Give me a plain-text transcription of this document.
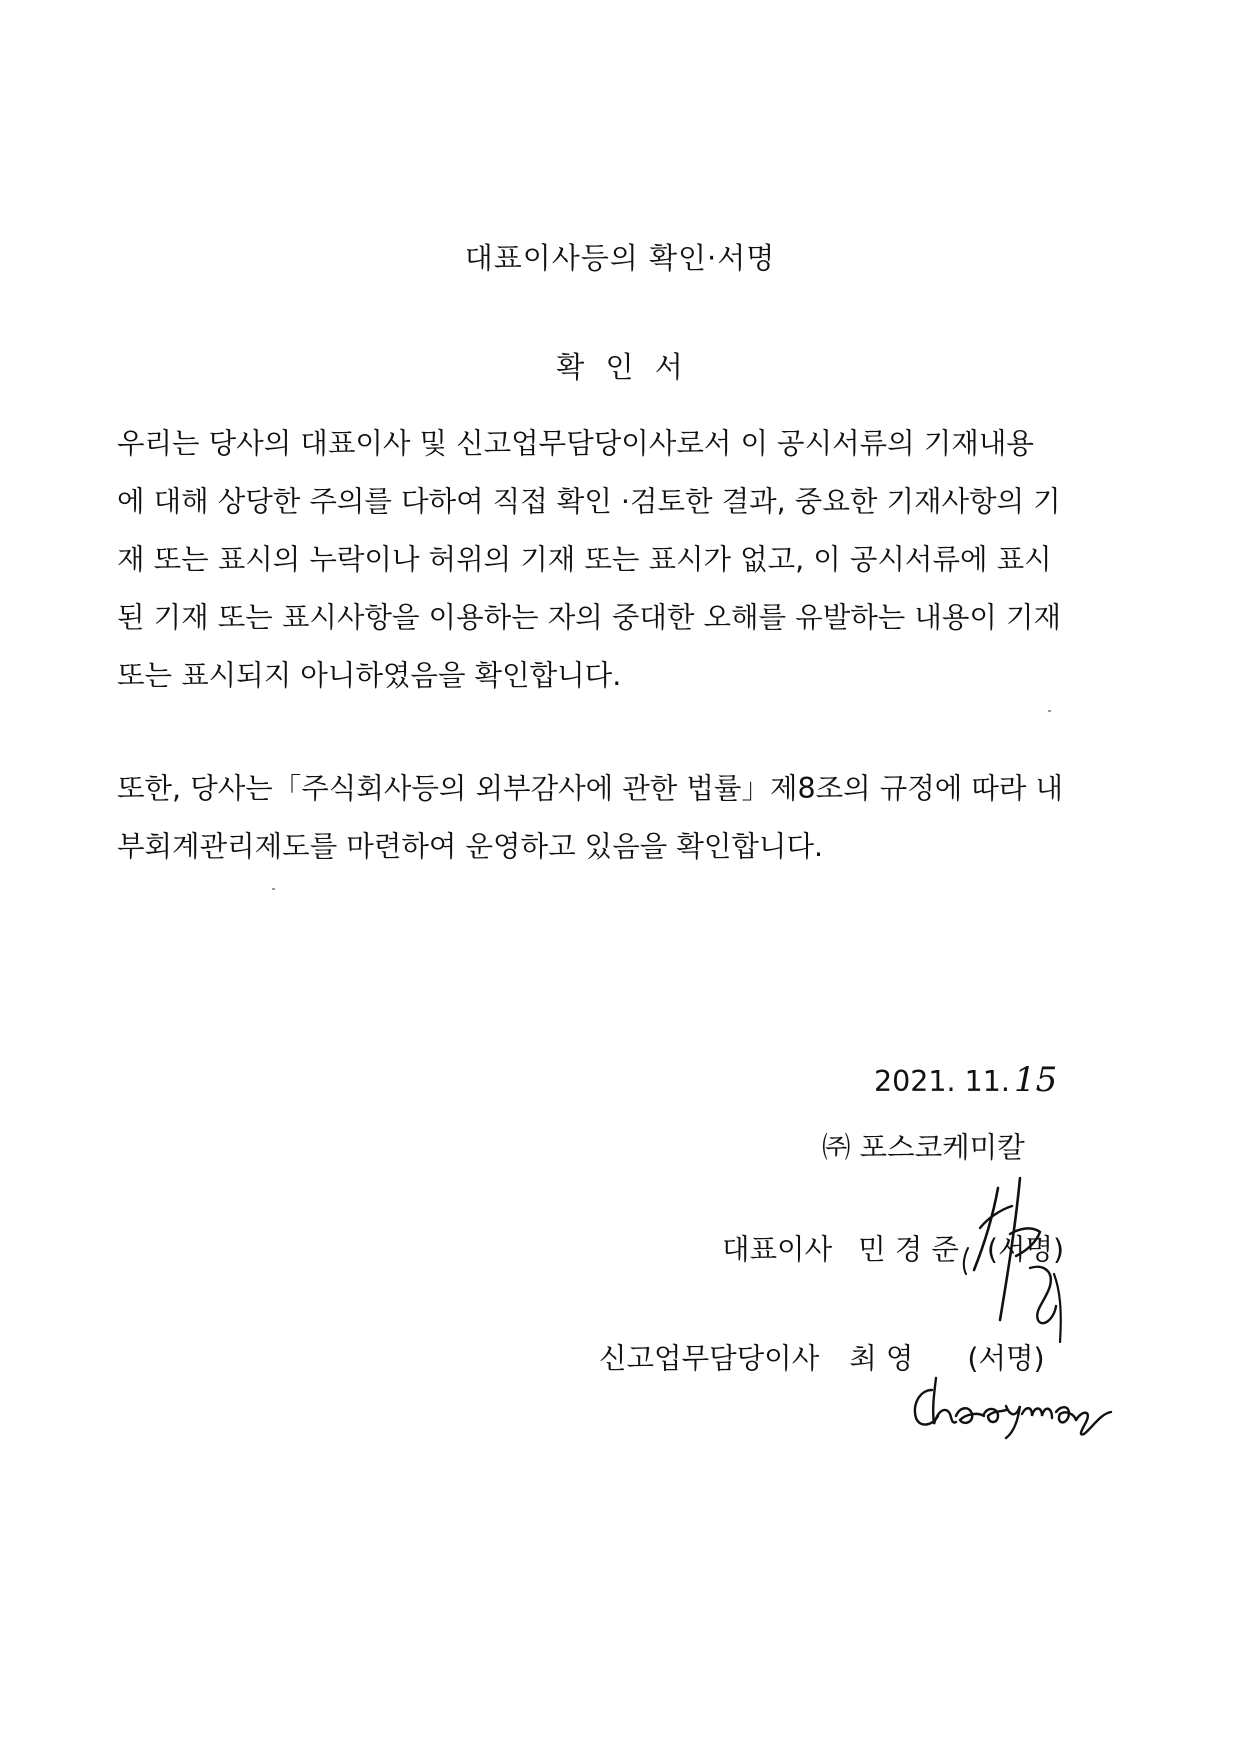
대표이사등의 확인·서명
확 인 서
우리는 당사의 대표이사 및 신고업무담당이사로서 이 공시서류의 기재내용
에 대해 상당한 주의를 다하여 직접 확인 ·검토한 결과, 중요한 기재사항의 기
재 또는 표시의 누락이나 허위의 기재 또는 표시가 없고, 이 공시서류에 표시
된 기재 또는 표시사항을 이용하는 자의 중대한 오해를 유발하는 내용이 기재
또는 표시되지 아니하였음을 확인합니다.
또한, 당사는「주식회사등의 외부감사에 관한 법률」제8조의 규정에 따라 내
부회계관리제도를 마련하여 운영하고 있음을 확인합니다.
2021. 11. 15
㈜ 포스코케미칼
대표이사 민 경 준 (서명)
신고업무담당이사 최 영 (서명)
